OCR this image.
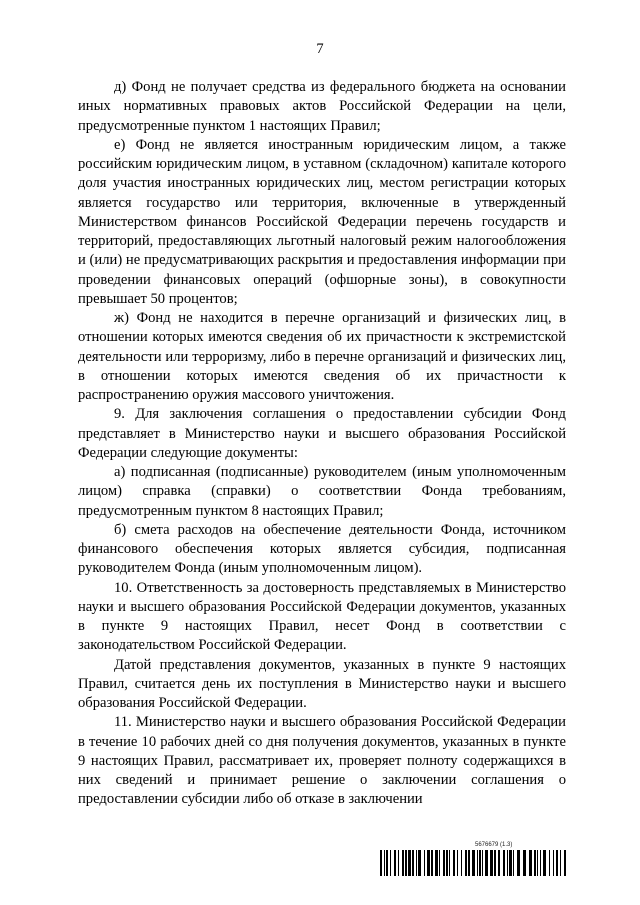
7

д) Фонд не получает средства из федерального бюджета на основании иных нормативных правовых актов Российской Федерации на цели, предусмотренные пунктом 1 настоящих Правил;

е) Фонд не является иностранным юридическим лицом, а также российским юридическим лицом, в уставном (складочном) капитале которого доля участия иностранных юридических лиц, местом регистрации которых является государство или территория, включенные в утвержденный Министерством финансов Российской Федерации перечень государств и территорий, предоставляющих льготный налоговый режим налогообложения и (или) не предусматривающих раскрытия и предоставления информации при проведении финансовых операций (офшорные зоны), в совокупности превышает 50 процентов;

ж) Фонд не находится в перечне организаций и физических лиц, в отношении которых имеются сведения об их причастности к экстремистской деятельности или терроризму, либо в перечне организаций и физических лиц, в отношении которых имеются сведения об их причастности к распространению оружия массового уничтожения.

9. Для заключения соглашения о предоставлении субсидии Фонд представляет в Министерство науки и высшего образования Российской Федерации следующие документы:

а) подписанная (подписанные) руководителем (иным уполномоченным лицом) справка (справки) о соответствии Фонда требованиям, предусмотренным пунктом 8 настоящих Правил;

б) смета расходов на обеспечение деятельности Фонда, источником финансового обеспечения которых является субсидия, подписанная руководителем Фонда (иным уполномоченным лицом).

10. Ответственность за достоверность представляемых в Министерство науки и высшего образования Российской Федерации документов, указанных в пункте 9 настоящих Правил, несет Фонд в соответствии с законодательством Российской Федерации.

Датой представления документов, указанных в пункте 9 настоящих Правил, считается день их поступления в Министерство науки и высшего образования Российской Федерации.

11. Министерство науки и высшего образования Российской Федерации в течение 10 рабочих дней со дня получения документов, указанных в пункте 9 настоящих Правил, рассматривает их, проверяет полноту содержащихся в них сведений и принимает решение о заключении соглашения о предоставлении субсидии либо об отказе в заключении

5676679 (1.3)
